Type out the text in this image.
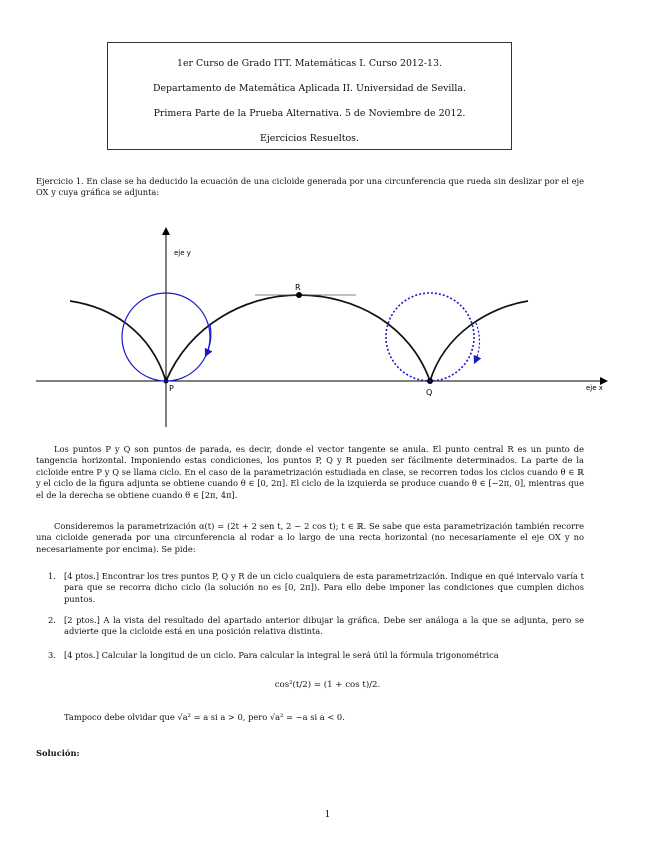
1er Curso de Grado ITT. Matemáticas I. Curso 2012-13.
Departamento de Matemática Aplicada II. Universidad de Sevilla.
Primera Parte de la Prueba Alternativa. 5 de Noviembre de 2012.
Ejercicios Resueltos.
Ejercicio 1. En clase se ha deducido la ecuación de una cicloide generada por una circunferencia que rueda sin deslizar por el eje OX y cuya gráfica se adjunta:
eje y
eje x
R
P	Q
Los puntos P y Q son puntos de parada, es decir, donde el vector tangente se anula. El punto central R es un punto de tangencia horizontal. Imponiendo estas condiciones, los puntos P, Q y R pueden ser fácilmente determinados. La parte de la cicloide entre P y Q se llama ciclo. En el caso de la parametrización estudiada en clase, se recorren todos los ciclos cuando θ ∈ ℝ y el ciclo de la figura adjunta se obtiene cuando θ ∈ [0, 2π]. El ciclo de la izquierda se produce cuando θ ∈ [−2π, 0], mientras que el de la derecha se obtiene cuando θ ∈ [2π, 4π].
Consideremos la parametrización α(t) = (2t + 2 sen t, 2 − 2 cos t); t ∈ ℝ. Se sabe que esta parametrización también recorre una cicloide generada por una circunferencia al rodar a lo largo de una recta horizontal (no necesariamente el eje OX y no necesariamente por encima). Se pide:
1. [4 ptos.] Encontrar los tres puntos P, Q y R de un ciclo cualquiera de esta parametrización. Indique en qué intervalo varía t para que se recorra dicho ciclo (la solución no es [0, 2π]). Para ello debe imponer las condiciones que cumplen dichos puntos.
2. [2 ptos.] A la vista del resultado del apartado anterior dibujar la gráfica. Debe ser análoga a la que se adjunta, pero se advierte que la cicloide está en una posición relativa distinta.
3. [4 ptos.] Calcular la longitud de un ciclo. Para calcular la integral le será útil la fórmula trigonométrica
cos²(t/2) = (1 + cos t)/2.
Tampoco debe olvidar que √a² = a si a > 0, pero √a² = −a si a < 0.
Solución:
1
